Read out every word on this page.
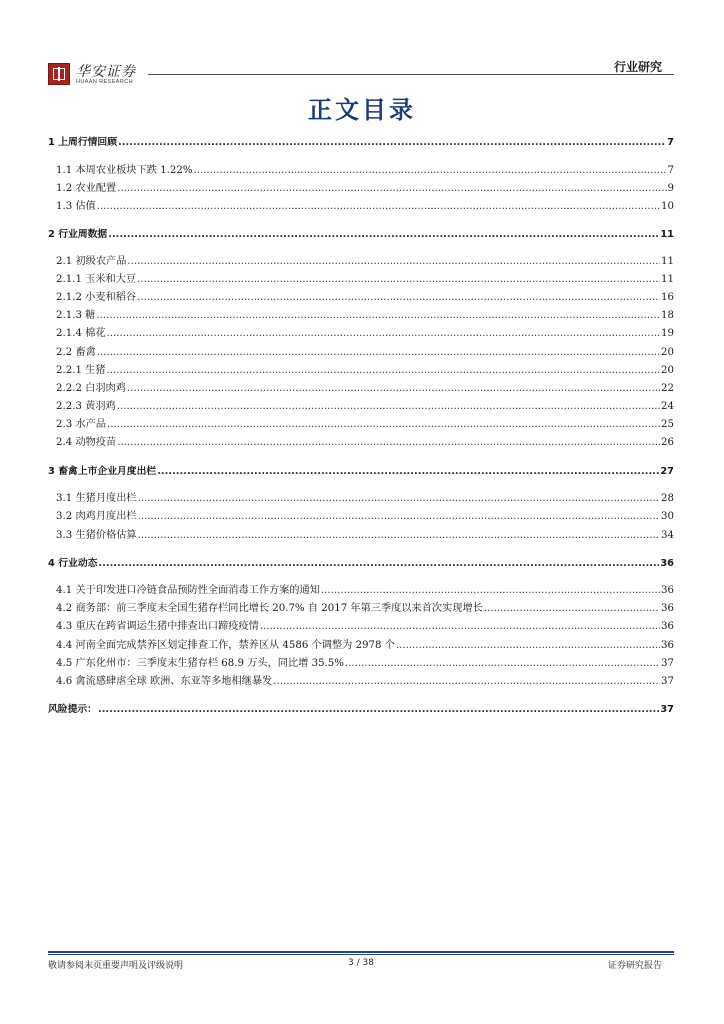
华安证券
HUAAN RESEARCH
行业研究
正文目录
1 上周行情回顾 .....	7
1.1 本周农业板块下跌 1.22% .....	7
1.2 农业配置 .....	9
1.3 估值 .....	10
2 行业周数据 .....	11
2.1 初级农产品 .....	11
2.1.1 玉米和大豆 .....	11
2.1.2 小麦和稻谷 .....	16
2.1.3 糖 .....	18
2.1.4 棉花 .....	19
2.2 畜禽 .....	20
2.2.1 生猪 .....	20
2.2.2 白羽肉鸡 .....	22
2.2.3 黄羽鸡 .....	24
2.3 水产品 .....	25
2.4 动物疫苗 .....	26
3 畜禽上市企业月度出栏 .....	27
3.1 生猪月度出栏 .....	28
3.2 肉鸡月度出栏 .....	30
3.3 生猪价格估算 .....	34
4 行业动态 .....	36
4.1 关于印发进口冷链食品预防性全面消毒工作方案的通知 .....	36
4.2 商务部：前三季度末全国生猪存栏同比增长 20.7% 自 2017 年第三季度以来首次实现增长 .....	36
4.3 重庆在跨省调运生猪中排查出口蹄疫疫情 .....	36
4.4 河南全面完成禁养区划定排查工作，禁养区从 4586 个调整为 2978 个 .....	36
4.5 广东化州市：三季度末生猪存栏 68.9 万头，同比增 35.5% .....	37
4.6 禽流感肆虐全球 欧洲、东亚等多地相继暴发 .....	37
风险提示： .....	37
敬请参阅末页重要声明及评级说明	3 / 38	证券研究报告
